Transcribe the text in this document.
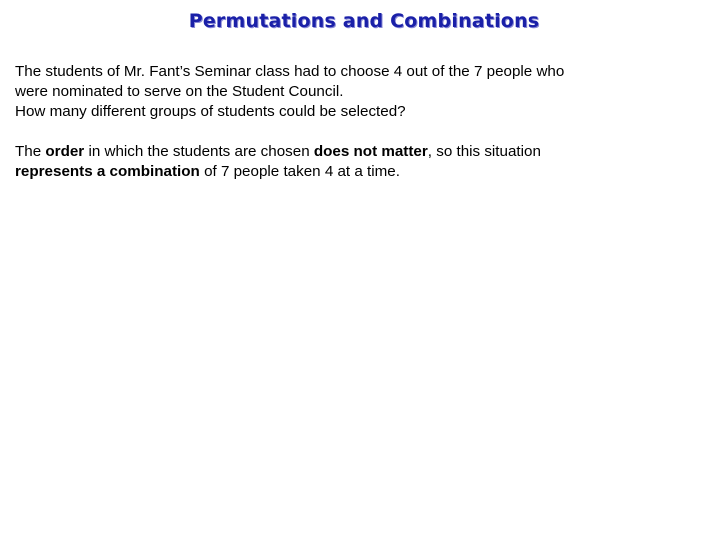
Permutations and Combinations

The students of Mr. Fant’s Seminar class had to choose 4 out of the 7 people who
were nominated to serve on the Student Council.
How many different groups of students could be selected?

The order in which the students are chosen does not matter, so this situation
represents a combination of 7 people taken 4 at a time.
